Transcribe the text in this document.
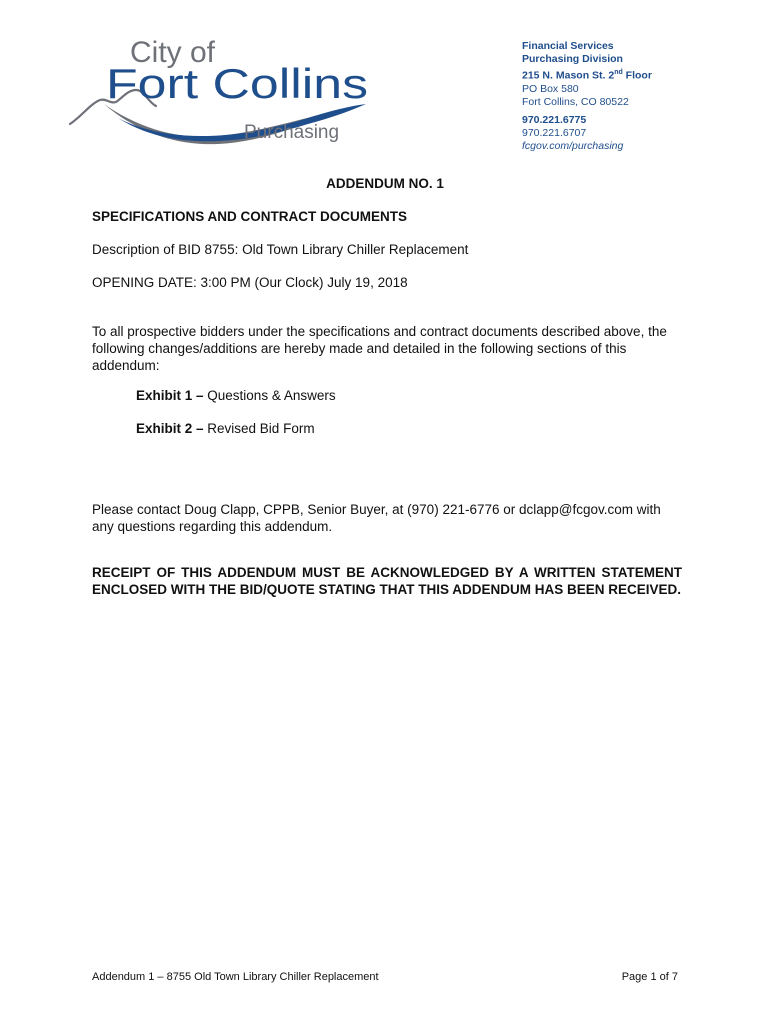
City of
Fort Collins
Purchasing
Financial Services
Purchasing Division
215 N. Mason St. 2nd Floor
PO Box 580
Fort Collins, CO 80522
970.221.6775
970.221.6707
fcgov.com/purchasing
ADDENDUM NO. 1
SPECIFICATIONS AND CONTRACT DOCUMENTS
Description of BID 8755: Old Town Library Chiller Replacement
OPENING DATE: 3:00 PM (Our Clock) July 19, 2018
To all prospective bidders under the specifications and contract documents described above, the following changes/additions are hereby made and detailed in the following sections of this addendum:
Exhibit 1 – Questions & Answers
Exhibit 2 – Revised Bid Form
Please contact Doug Clapp, CPPB, Senior Buyer, at (970) 221-6776 or dclapp@fcgov.com with any questions regarding this addendum.
RECEIPT OF THIS ADDENDUM MUST BE ACKNOWLEDGED BY A WRITTEN STATEMENT ENCLOSED WITH THE BID/QUOTE STATING THAT THIS ADDENDUM HAS BEEN RECEIVED.
Addendum 1 – 8755 Old Town Library Chiller Replacement	Page 1 of 7
